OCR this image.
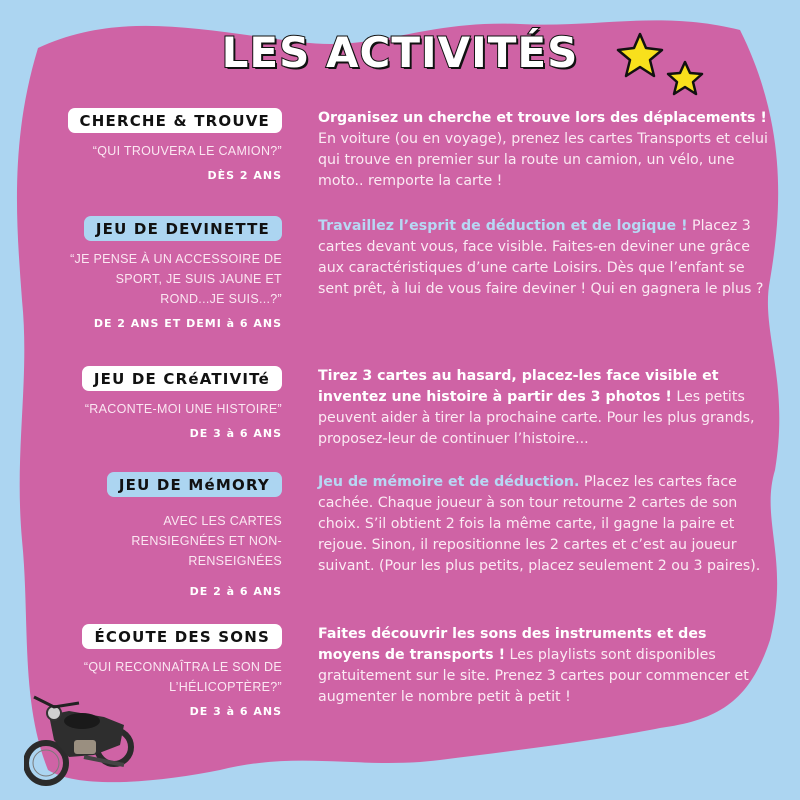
LES ACTIVITÉS
CHERCHE & TROUVE
“QUI TROUVERA LE CAMION?”
DÈS 2 ANS
Organisez un cherche et trouve lors des déplacements ! En voiture (ou en voyage), prenez les cartes Transports et celui qui trouve en premier sur la route un camion, un vélo, une moto.. remporte la carte !
JEU DE DEVINETTE
“JE PENSE À UN ACCESSOIRE DE SPORT, JE SUIS JAUNE ET ROND...JE SUIS...?”
DE 2 ANS ET DEMI à 6 ANS
Travaillez l’esprit de déduction et de logique ! Placez 3 cartes devant vous, face visible. Faites-en deviner une grâce aux caractéristiques d’une carte Loisirs. Dès que l’enfant se sent prêt, à lui de vous faire deviner ! Qui en gagnera le plus ?
JEU DE CRéATIVITé
“RACONTE-MOI UNE HISTOIRE”
DE 3 à 6 ANS
Tirez 3 cartes au hasard, placez-les face visible et inventez une histoire à partir des 3 photos ! Les petits peuvent aider à tirer la prochaine carte. Pour les plus grands, proposez-leur de continuer l’histoire...
JEU DE MéMORY
AVEC LES CARTES RENSIEGNÉES ET NON-RENSEIGNÉES
DE 2 à 6 ANS
Jeu de mémoire et de déduction. Placez les cartes face cachée. Chaque joueur à son tour retourne 2 cartes de son choix. S’il obtient 2 fois la même carte, il gagne la paire et rejoue. Sinon, il repositionne les 2 cartes et c’est au joueur suivant. (Pour les plus petits, placez seulement 2 ou 3 paires).
ÉCOUTE DES SONS
“QUI RECONNAÎTRA LE SON DE L’HÉLICOPTÈRE?”
DE 3 à 6 ANS
Faites découvrir les sons des instruments et des moyens de transports ! Les playlists sont disponibles gratuitement sur le site. Prenez 3 cartes pour commencer et augmenter le nombre petit à petit !
